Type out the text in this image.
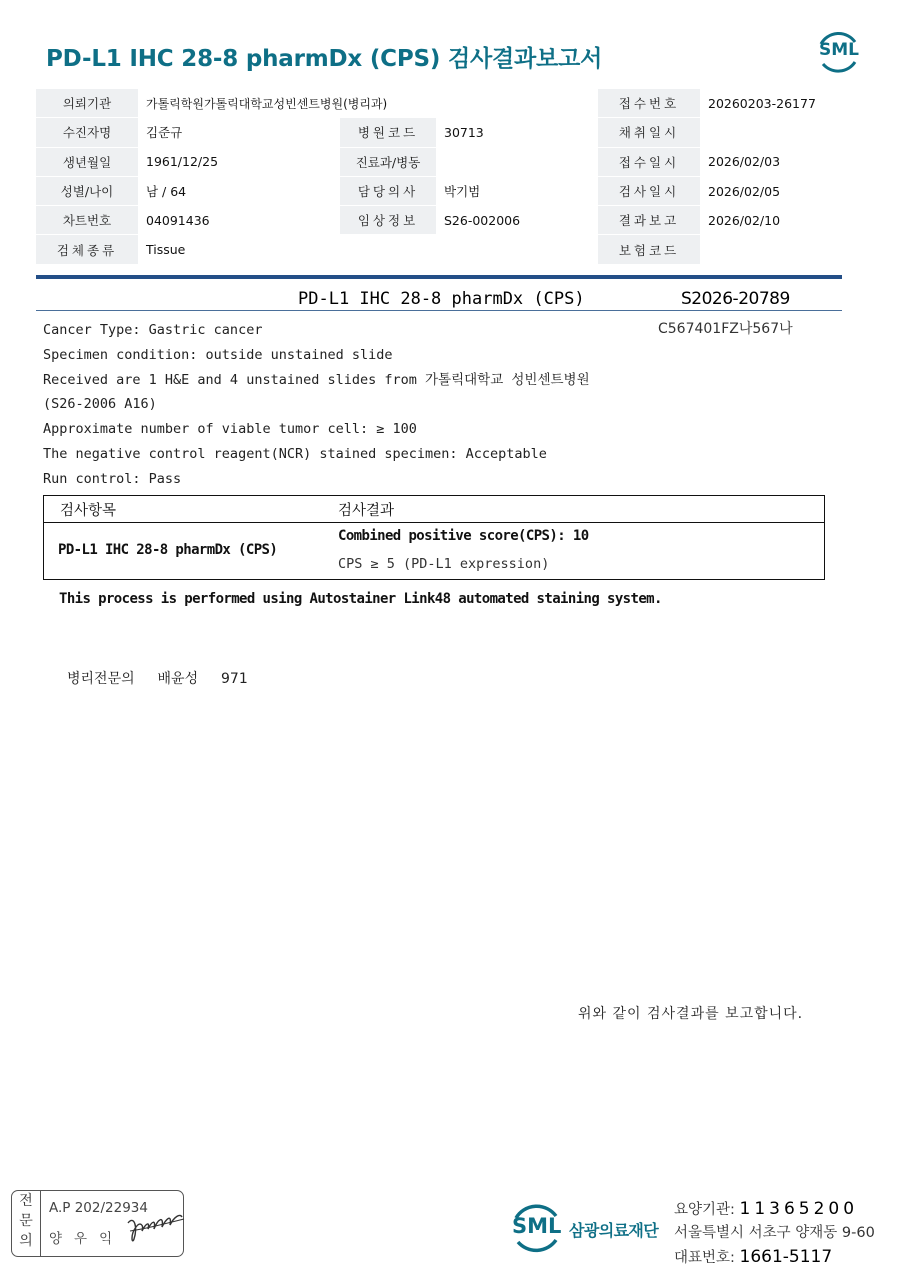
PD-L1 IHC 28-8 pharmDx (CPS) 검사결과보고서	SML
의뢰기관	가톨릭학원가톨릭대학교성빈센트병원(병리과)			접수번호	20260203-26177
수진자명	김준규	병원코드	30713	채취일시	
생년월일	1961/12/25	진료과/병동		접수일시	2026/02/03
성별/나이	남 / 64	담당의사	박기범	검사일시	2026/02/05
차트번호	04091436	임상정보	S26-002006	결과보고	2026/02/10
검체종류	Tissue			보험코드	
PD-L1 IHC 28-8 pharmDx (CPS)	S2026-20789
C567401FZ나567나
Cancer Type: Gastric cancer
Specimen condition: outside unstained slide
Received are 1 H&E and 4 unstained slides from 가톨릭대학교 성빈센트병원
(S26-2006 A16)
Approximate number of viable tumor cell: ≥ 100
The negative control reagent(NCR) stained specimen: Acceptable
Run control: Pass
검사항목	검사결과
PD-L1 IHC 28-8 pharmDx (CPS)
Combined positive score(CPS): 10
CPS ≥ 5 (PD-L1 expression)
This process is performed using Autostainer Link48 automated staining system.
병리전문의 배윤성 971
위와 같이 검사결과를 보고합니다.
전
문
의
A.P 202/22934
양우익
SML 삼광의료재단
요양기관: 11365200
서울특별시 서초구 양재동 9-60
대표번호: 1661-5117
